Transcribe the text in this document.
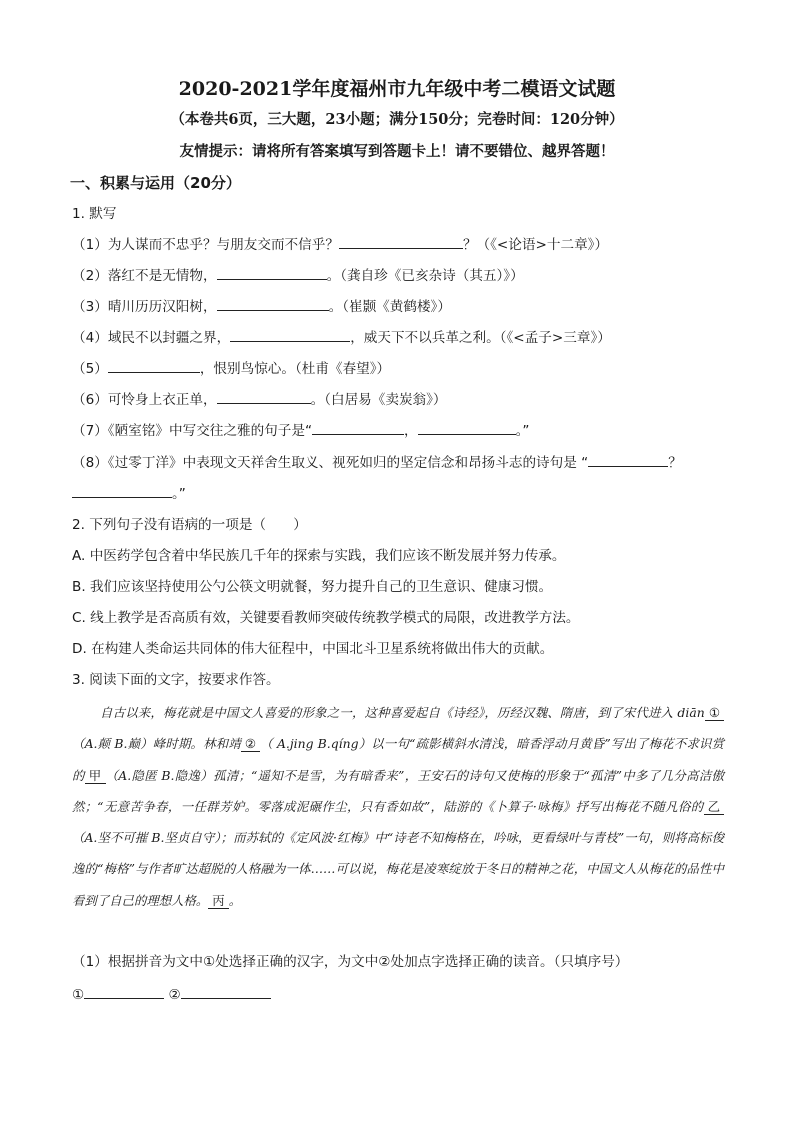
2020-2021学年度福州市九年级中考二模语文试题
（本卷共6页，三大题，23小题；满分150分；完卷时间：120分钟）
友情提示：请将所有答案填写到答题卡上！请不要错位、越界答题！
一、积累与运用（20分）
1. 默写
（1）为人谋而不忠乎？与朋友交而不信乎？	？（《<论语>十二章》）
（2）落红不是无情物，	。（龚自珍《已亥杂诗（其五）》）
（3）晴川历历汉阳树，	。（崔颢《黄鹤楼》）
（4）域民不以封疆之界，	，威天下不以兵革之利。（《<孟子>三章》）
（5）	，恨别鸟惊心。（杜甫《春望》）
（6）可怜身上衣正单，	。（白居易《卖炭翁》）
（7）《陋室铭》中写交往之雅的句子是“	，	。”
（8）《过零丁洋》中表现文天祥舍生取义、视死如归的坚定信念和昂扬斗志的诗句是 “	？
。”
2. 下列句子没有语病的一项是（　　）
A. 中医药学包含着中华民族几千年的探索与实践，我们应该不断发展并努力传承。
B. 我们应该坚持使用公勺公筷文明就餐，努力提升自己的卫生意识、健康习惯。
C. 线上教学是否高质有效，关键要看教师突破传统教学模式的局限，改进教学方法。
D. 在构建人类命运共同体的伟大征程中，中国北斗卫星系统将做出伟大的贡献。
3. 阅读下面的文字，按要求作答。
自古以来，梅花就是中国文人喜爱的形象之一，这种喜爱起自《诗经》，历经汉魏、隋唐，到了宋代进入 diān ①（A.颠 B.巅）峰时期。林和靖 ② （ A.jing B.qíng）以一句“疏影横斜水清浅，暗香浮动月黄昏”写出了梅花不求识赏的 甲 （A.隐匿 B.隐逸）孤清；“遥知不是雪，为有暗香来”，王安石的诗句又使梅的形象于“孤清”中多了几分高洁傲然；“无意苦争春，一任群芳妒。零落成泥碾作尘，只有香如故”，陆游的《卜算子·咏梅》抒写出梅花不随凡俗的 乙（A.坚不可摧 B.坚贞自守）；而苏轼的《定风波·红梅》中“诗老不知梅格在，吟咏，更看绿叶与青枝”一句，则将高标俊逸的“梅格”与作者旷达超脱的人格融为一体……可以说，梅花是凌寒绽放于冬日的精神之花，中国文人从梅花的品性中看到了自己的理想人格。 丙 。
（1）根据拼音为文中①处选择正确的汉字，为文中②处加点字选择正确的读音。（只填序号）
①	②
